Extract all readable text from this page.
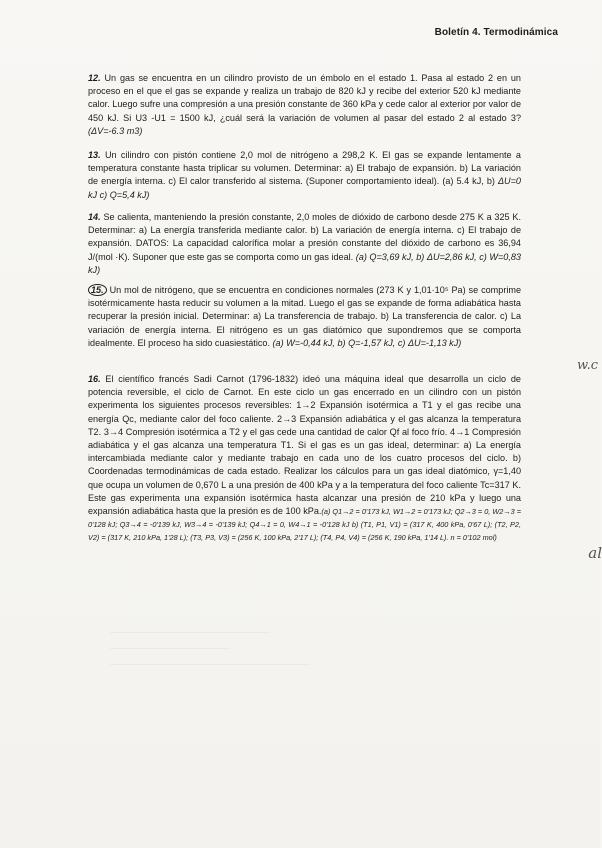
Boletín 4. Termodinámica
12. Un gas se encuentra en un cilindro provisto de un émbolo en el estado 1. Pasa al estado 2 en un proceso en el que el gas se expande y realiza un trabajo de 820 kJ y recibe del exterior 520 kJ mediante calor. Luego sufre una compresión a una presión constante de 360 kPa y cede calor al exterior por valor de 450 kJ. Si U3 -U1 = 1500 kJ, ¿cuál será la variación de volumen al pasar del estado 2 al estado 3? (ΔV=-6.3 m3)
13. Un cilindro con pistón contiene 2,0 mol de nitrógeno a 298,2 K. El gas se expande lentamente a temperatura constante hasta triplicar su volumen. Determinar: a) El trabajo de expansión. b) La variación de energía interna. c) El calor transferido al sistema. (Suponer comportamiento ideal). (a) 5.4 kJ, b) ΔU=0 kJ c) Q=5,4 kJ)
14. Se calienta, manteniendo la presión constante, 2,0 moles de dióxido de carbono desde 275 K a 325 K. Determinar: a) La energía transferida mediante calor. b) La variación de energía interna. c) El trabajo de expansión. DATOS: La capacidad calorífica molar a presión constante del dióxido de carbono es 36,94 J/(mol ·K). Suponer que este gas se comporta como un gas ideal. (a) Q=3,69 kJ, b) ΔU=2,86 kJ, c) W=0,83 kJ)
15. Un mol de nitrógeno, que se encuentra en condiciones normales (273 K y 1,01·10⁵ Pa) se comprime isotérmicamente hasta reducir su volumen a la mitad. Luego el gas se expande de forma adiabática hasta recuperar la presión inicial. Determinar: a) La transferencia de trabajo. b) La transferencia de calor. c) La variación de energía interna. El nitrógeno es un gas diatómico que supondremos que se comporta idealmente. El proceso ha sido cuasiestático. (a) W=-0,44 kJ, b) Q=-1,57 kJ, c) ΔU=-1,13 kJ)
16. El científico francés Sadi Carnot (1796-1832) ideó una máquina ideal que desarrolla un ciclo de potencia reversible, el ciclo de Carnot. En este ciclo un gas encerrado en un cilindro con un pistón experimenta los siguientes procesos reversibles: 1→2 Expansión isotérmica a T1 y el gas recibe una energía Qc, mediante calor del foco caliente. 2→3 Expansión adiabática y el gas alcanza la temperatura T2. 3→4 Compresión isotérmica a T2 y el gas cede una cantidad de calor Qf al foco frío. 4→1 Compresión adiabática y el gas alcanza una temperatura T1. Si el gas es un gas ideal, determinar: a) La energía intercambiada mediante calor y mediante trabajo en cada uno de los cuatro procesos del ciclo. b) Coordenadas termodinámicas de cada estado. Realizar los cálculos para un gas ideal diatómico, γ=1,40 que ocupa un volumen de 0,670 L a una presión de 400 kPa y a la temperatura del foco caliente Tc=317 K. Este gas experimenta una expansión isotérmica hasta alcanzar una presión de 210 kPa y luego una expansión adiabática hasta que la presión es de 100 kPa.(a) Q1→2 = 0'173 kJ, W1→2 = 0'173 kJ; Q2→3 = 0, W2→3 = 0'128 kJ; Q3→4 = -0'139 kJ, W3→4 = -0'139 kJ; Q4→1 = 0, W4→1 = -0'128 kJ b) (T1, P1, V1) = (317 K, 400 kPa, 0'67 L); (T2, P2, V2) = (317 K, 210 kPa, 1'28 L); (T3, P3, V3) = (256 K, 100 kPa, 2'17 L); (T4, P4, V4) = (256 K, 190 kPa, 1'14 L). n = 0'102 mol)
w.c
al
